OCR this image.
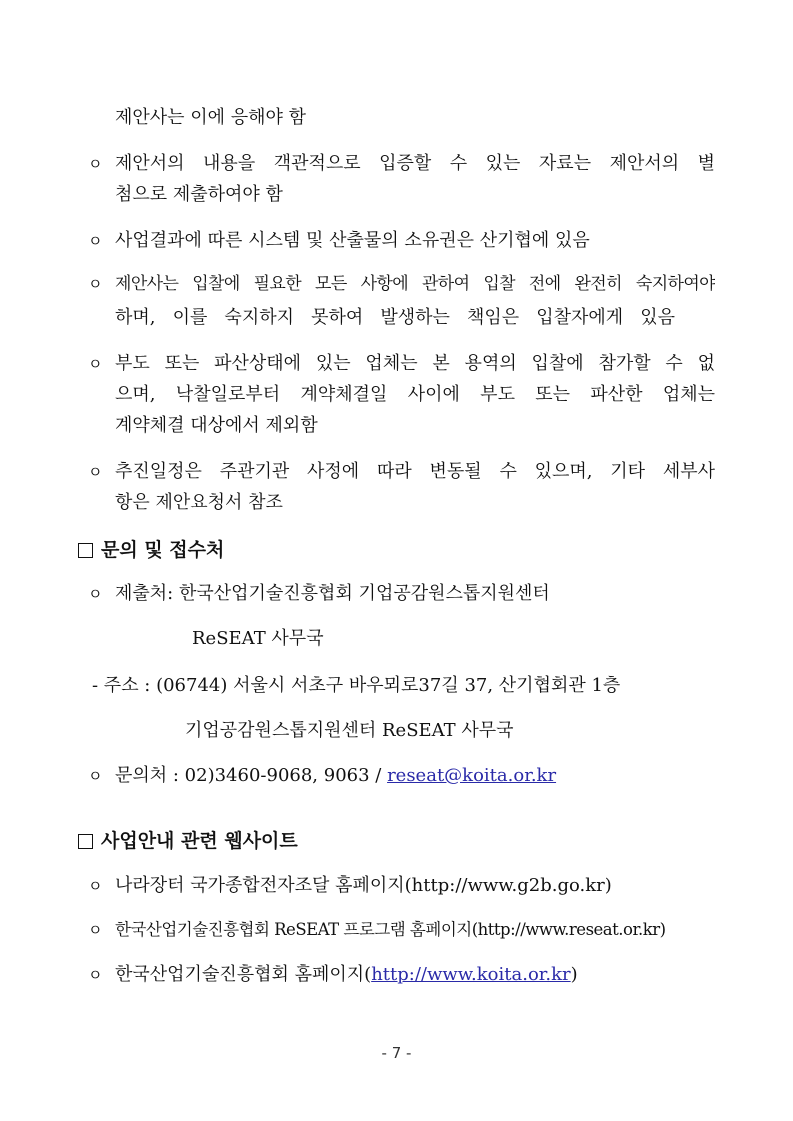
제안사는 이에 응해야 함
ㅇ 제안서의 내용을 객관적으로 입증할 수 있는 자료는 제안서의 별
첨으로 제출하여야 함
ㅇ 사업결과에 따른 시스템 및 산출물의 소유권은 산기협에 있음
ㅇ 제안사는 입찰에 필요한 모든 사항에 관하여 입찰 전에 완전히 숙지하여야
하며, 이를 숙지하지 못하여 발생하는 책임은 입찰자에게 있음
ㅇ 부도 또는 파산상태에 있는 업체는 본 용역의 입찰에 참가할 수 없
으며, 낙찰일로부터 계약체결일 사이에 부도 또는 파산한 업체는
계약체결 대상에서 제외함
ㅇ 추진일정은 주관기관 사정에 따라 변동될 수 있으며, 기타 세부사
항은 제안요청서 참조
문의 및 접수처
ㅇ 제출처: 한국산업기술진흥협회 기업공감원스톱지원센터
ReSEAT 사무국
- 주소 : (06744) 서울시 서초구 바우뫼로37길 37, 산기협회관 1층
기업공감원스톱지원센터 ReSEAT 사무국
ㅇ 문의처 : 02)3460-9068, 9063 / reseat@koita.or.kr
사업안내 관련 웹사이트
ㅇ 나라장터 국가종합전자조달 홈페이지(http://www.g2b.go.kr)
ㅇ 한국산업기술진흥협회 ReSEAT 프로그램 홈페이지(http://www.reseat.or.kr)
ㅇ 한국산업기술진흥협회 홈페이지(http://www.koita.or.kr)
- 7 -
